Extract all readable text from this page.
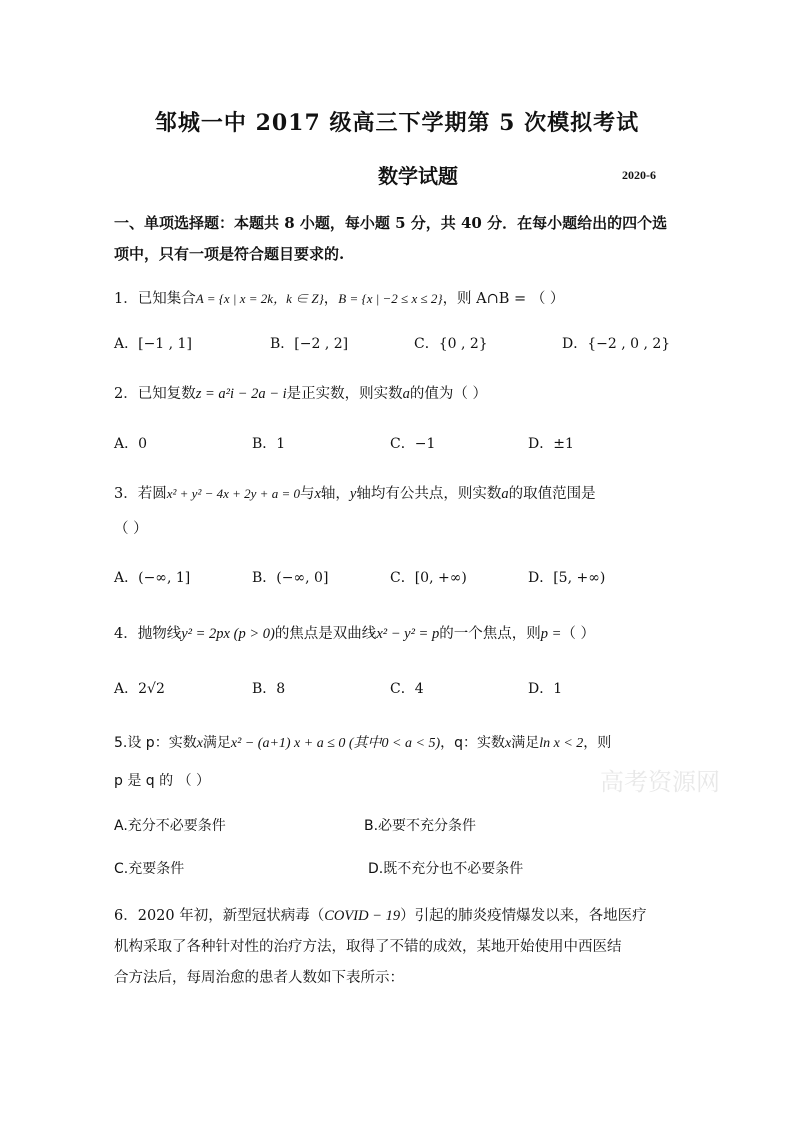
邹城一中 2017 级高三下学期第 5 次模拟考试
数学试题	2020-6
一、单项选择题：本题共 8 小题，每小题 5 分，共 40 分．在每小题给出的四个选
项中，只有一项是符合题目要求的.
1．已知集合A = {x | x = 2k，k ∈ Z}，B = {x | −2 ≤ x ≤ 2}，则 A∩B = （ ）
A．[−1 , 1]	B．[−2 , 2]	C．{0 , 2}	D．{−2 , 0 , 2}
2．已知复数z = a²i − 2a − i是正实数，则实数a的值为（ ）
A．0	B．1	C．−1	D．±1
3．若圆x² + y² − 4x + 2y + a = 0与x轴，y轴均有公共点，则实数a的取值范围是
（ ）
A．(−∞, 1]	B．(−∞, 0]	C．[0, +∞)	D．[5, +∞)
4．抛物线y² = 2px (p > 0)的焦点是双曲线x² − y² = p的一个焦点，则p =（ ）
A．2√2	B．8	C．4	D．1
高考资源网
5.设 p：实数x满足x² − (a+1) x + a ≤ 0 (其中0 < a < 5)，q：实数x满足ln x < 2，则
p 是 q 的 （ ）
A.充分不必要条件	B.必要不充分条件
C.充要条件	D.既不充分也不必要条件
6．2020 年初，新型冠状病毒（COVID − 19）引起的肺炎疫情爆发以来，各地医疗
机构采取了各种针对性的治疗方法，取得了不错的成效，某地开始使用中西医结
合方法后，每周治愈的患者人数如下表所示：
